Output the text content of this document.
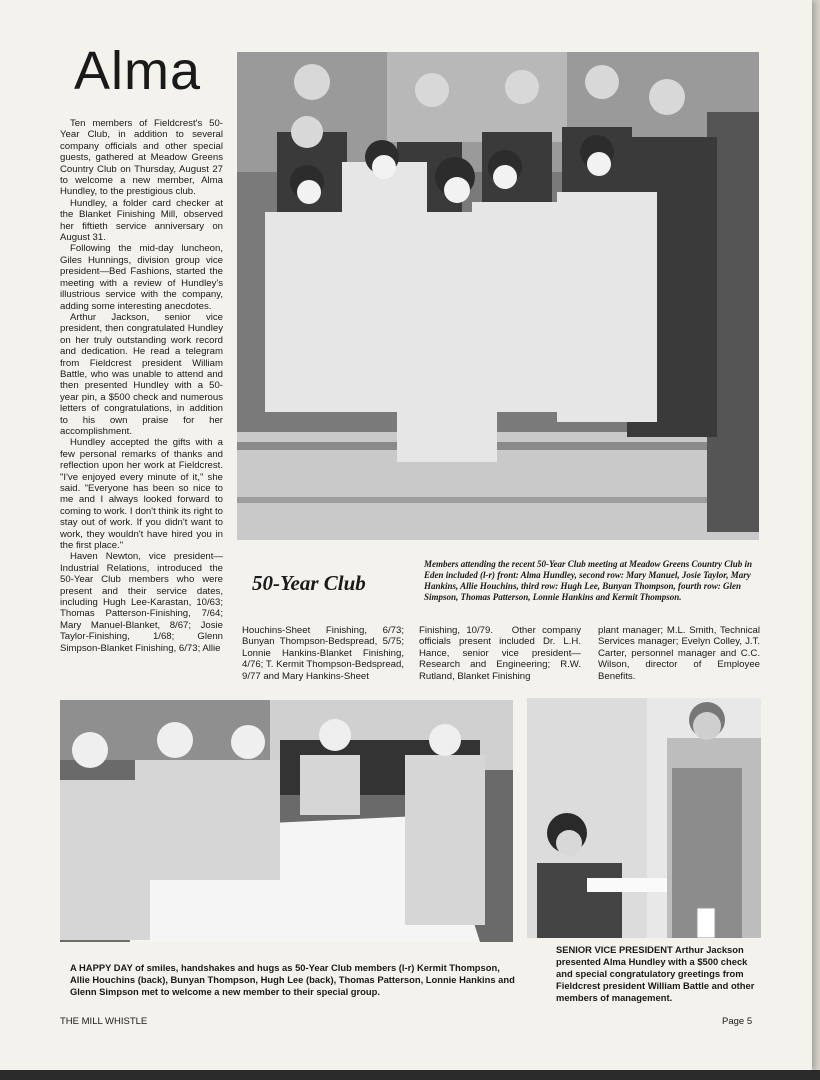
Alma

Ten members of Fieldcrest's 50-Year Club, in addition to several company officials and other special guests, gathered at Meadow Greens Country Club on Thursday, August 27 to welcome a new member, Alma Hundley, to the prestigious club.

Hundley, a folder card checker at the Blanket Finishing Mill, observed her fiftieth service anniversary on August 31.

Following the mid-day luncheon, Giles Hunnings, division group vice president—Bed Fashions, started the meeting with a review of Hundley's illustrious service with the company, adding some interesting anecdotes.

Arthur Jackson, senior vice president, then congratulated Hundley on her truly outstanding work record and dedication. He read a telegram from Fieldcrest president William Battle, who was unable to attend and then presented Hundley with a 50-year pin, a $500 check and numerous letters of congratulations, in addition to his own praise for her accomplishment.

Hundley accepted the gifts with a few personal remarks of thanks and reflection upon her work at Fieldcrest. "I've enjoyed every minute of it," she said. "Everyone has been so nice to me and I always looked forward to coming to work. I don't think its right to stay out of work. If you didn't want to work, they wouldn't have hired you in the first place."

Haven Newton, vice president—Industrial Relations, introduced the 50-Year Club members who were present and their service dates, including Hugh Lee-Karastan, 10/63; Thomas Patterson-Finishing, 7/64; Mary Manuel-Blanket, 8/67; Josie Taylor-Finishing, 1/68; Glenn Simpson-Blanket Finishing, 6/73; Allie

50-Year Club

Members attending the recent 50-Year Club meeting at Meadow Greens Country Club in Eden included (l-r) front: Alma Hundley, second row: Mary Manuel, Josie Taylor, Mary Hankins, Allie Houchins, third row: Hugh Lee, Bunyan Thompson, fourth row: Glen Simpson, Thomas Patterson, Lonnie Hankins and Kermit Thompson.

Houchins-Sheet Finishing, 6/73; Bunyan Thompson-Bedspread, 5/75; Lonnie Hankins-Blanket Finishing, 4/76; T. Kermit Thompson-Bedspread, 9/77 and Mary Hankins-Sheet

Finishing, 10/79.   Other company officials present included Dr. L.H. Hance, senior vice president—Research and Engineering; R.W. Rutland, Blanket Finishing

plant manager; M.L. Smith, Technical Services manager; Evelyn Colley, J.T. Carter, personnel manager and C.C. Wilson, director of Employee Benefits.

A HAPPY DAY of smiles, handshakes and hugs as 50-Year Club members (l-r) Kermit Thompson, Allie Houchins (back), Bunyan Thompson, Hugh Lee (back), Thomas Patterson, Lonnie Hankins and Glenn Simpson met to welcome a new member to their special group.

SENIOR VICE PRESIDENT Arthur Jackson presented Alma Hundley with a $500 check and special congratulatory greetings from Fieldcrest president William Battle and other members of management.

THE MILL WHISTLE	Page 5
